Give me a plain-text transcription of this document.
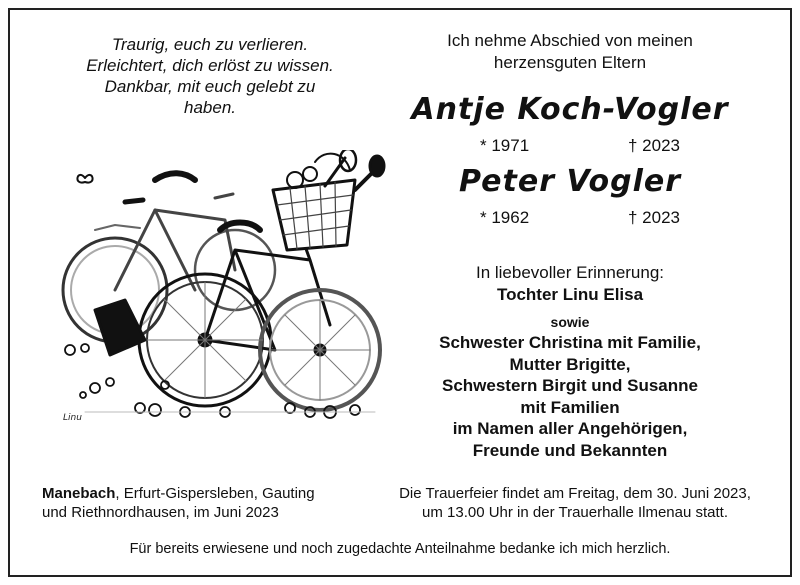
Traurig, euch zu verlieren.
Erleichtert, dich erlöst zu wissen.
Dankbar, mit euch gelebt zu
haben.
Ich nehme Abschied von meinen
herzensguten Eltern
Antje Koch-Vogler
* 1971	† 2023
Peter Vogler
* 1962	† 2023
In liebevoller Erinnerung:
Tochter Linu Elisa
sowie
Schwester Christina mit Familie,
Mutter Brigitte,
Schwestern Birgit und Susanne
mit Familien
im Namen aller Angehörigen,
Freunde und Bekannten
Linu
Manebach, Erfurt-Gispersleben, Gauting
und Riethnordhausen, im Juni 2023
Die Trauerfeier findet am Freitag, dem 30. Juni 2023,
um 13.00 Uhr in der Trauerhalle Ilmenau statt.
Für bereits erwiesene und noch zugedachte Anteilnahme bedanke ich mich herzlich.
